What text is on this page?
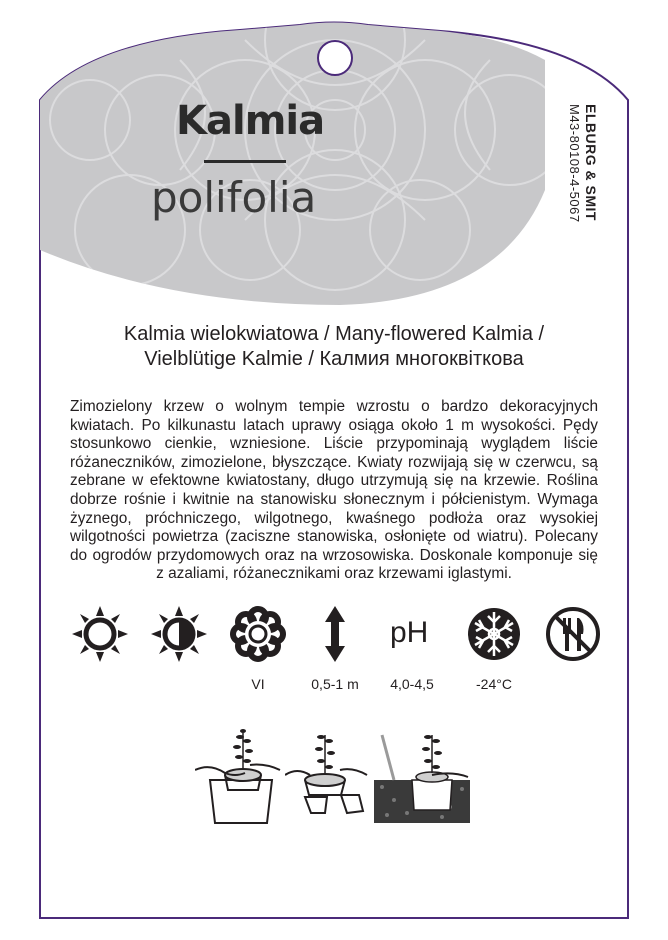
Kalmia
polifolia	ELBURG & SMIT
M43-80108-4-5067
Kalmia wielokwiatowa / Many-flowered Kalmia /
Vielblütige Kalmie / Калмия многоквіткова
Zimozielony krzew o wolnym tempie wzrostu o bardzo dekoracyjnych kwiatach. Po kilkunastu latach uprawy osiąga około 1 m wysokości. Pędy stosunkowo cienkie, wzniesione. Liście przypominają wyglądem liście różaneczników, zimozielone, błyszczące. Kwiaty rozwijają się w czerwcu, są zebrane w efektowne kwiatostany, długo utrzymują się na krzewie. Roślina dobrze rośnie i kwitnie na stanowisku słonecznym i półcienistym. Wymaga żyznego, próchniczego, wilgotnego, kwaśnego podłoża oraz wysokiej wilgotności powietrza (zaciszne stanowiska, osłonięte od wiatru). Polecany do ogrodów przydomowych oraz na wrzosowiska. Doskonale komponuje się z azaliami, różanecznikami oraz krzewami iglastymi.
pH
VI	0,5-1 m	4,0-4,5	-24°C
